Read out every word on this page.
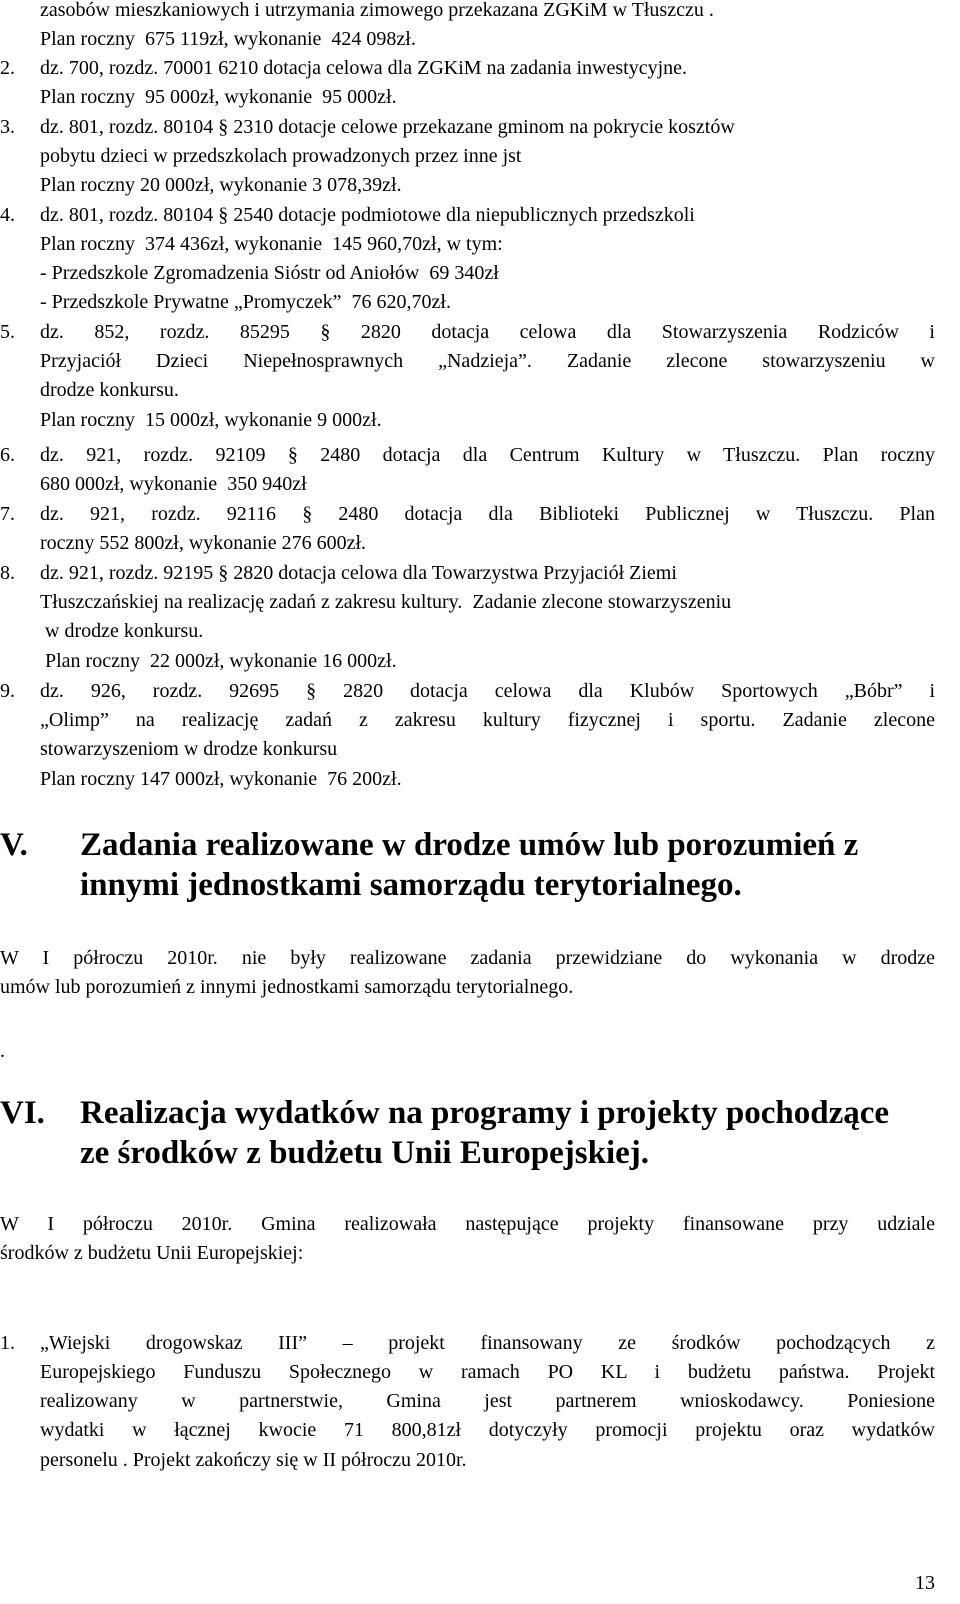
zasobów mieszkaniowych i utrzymania zimowego przekazana ZGKiM w Tłuszczu .
Plan roczny  675 119zł, wykonanie  424 098zł.
2. dz. 700, rozdz. 70001 6210 dotacja celowa dla ZGKiM na zadania inwestycyjne.
Plan roczny  95 000zł, wykonanie  95 000zł.
3. dz. 801, rozdz. 80104 § 2310 dotacje celowe przekazane gminom na pokrycie kosztów
pobytu dzieci w przedszkolach prowadzonych przez inne jst
Plan roczny 20 000zł, wykonanie 3 078,39zł.
4. dz. 801, rozdz. 80104 § 2540 dotacje podmiotowe dla niepublicznych przedszkoli
Plan roczny  374 436zł, wykonanie  145 960,70zł, w tym:
- Przedszkole Zgromadzenia Sióstr od Aniołów  69 340zł
- Przedszkole Prywatne „Promyczek”  76 620,70zł.
5. dz. 852, rozdz. 85295 § 2820 dotacja celowa dla Stowarzyszenia Rodziców i
Przyjaciół Dzieci Niepełnosprawnych „Nadzieja”. Zadanie zlecone stowarzyszeniu w
drodze konkursu.
Plan roczny  15 000zł, wykonanie 9 000zł.
6. dz. 921, rozdz. 92109 § 2480 dotacja dla Centrum Kultury w Tłuszczu. Plan roczny
680 000zł, wykonanie  350 940zł
7. dz. 921, rozdz. 92116 § 2480 dotacja dla Biblioteki Publicznej w Tłuszczu. Plan
roczny 552 800zł, wykonanie 276 600zł.
8. dz. 921, rozdz. 92195 § 2820 dotacja celowa dla Towarzystwa Przyjaciół Ziemi
Tłuszczańskiej na realizację zadań z zakresu kultury.  Zadanie zlecone stowarzyszeniu
w drodze konkursu.
Plan roczny  22 000zł, wykonanie 16 000zł.
9. dz. 926, rozdz. 92695 § 2820 dotacja celowa dla Klubów Sportowych „Bóbr” i
„Olimp” na realizację zadań z zakresu kultury fizycznej i sportu. Zadanie zlecone
stowarzyszeniom w drodze konkursu
Plan roczny 147 000zł, wykonanie  76 200zł.
V. Zadania realizowane w drodze umów lub porozumień z
innymi jednostkami samorządu terytorialnego.
W I półroczu 2010r. nie były realizowane zadania przewidziane do wykonania w drodze
umów lub porozumień z innymi jednostkami samorządu terytorialnego.
.
VI. Realizacja wydatków na programy i projekty pochodzące
ze środków z budżetu Unii Europejskiej.
W I półroczu 2010r. Gmina realizowała następujące projekty finansowane przy udziale
środków z budżetu Unii Europejskiej:
1. „Wiejski drogowskaz III” – projekt finansowany ze środków pochodzących z
Europejskiego Funduszu Społecznego w ramach PO KL i budżetu państwa. Projekt
realizowany w partnerstwie, Gmina jest partnerem wnioskodawcy. Poniesione
wydatki w łącznej kwocie 71 800,81zł dotyczyły promocji projektu oraz wydatków
personelu . Projekt zakończy się w II półroczu 2010r.
13
